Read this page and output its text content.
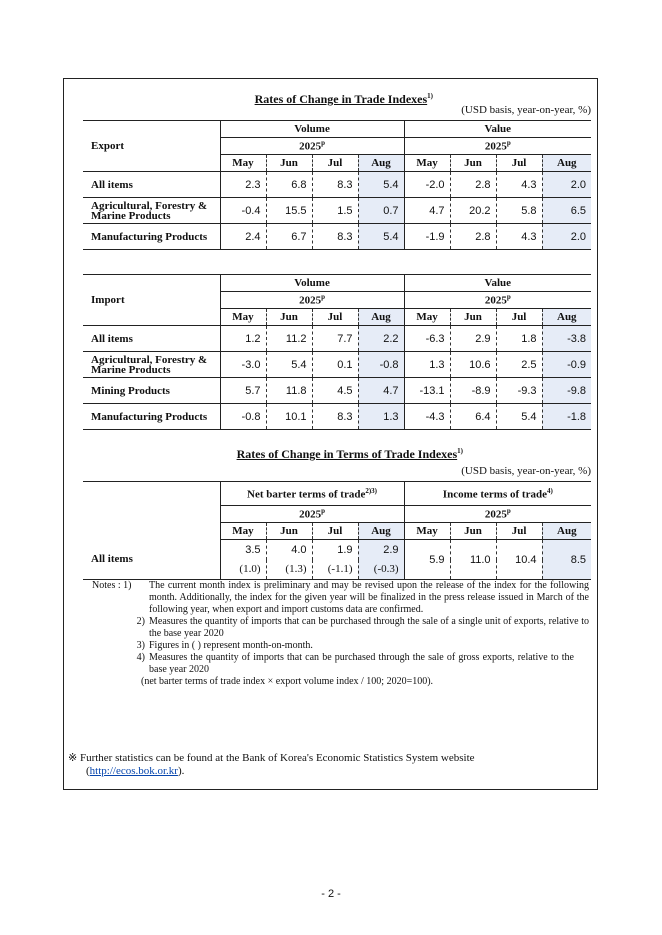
Rates of Change in Trade Indexes$^{1)}$
(USD basis, year-on-year, %)
Export	Volume				Value			
	2025$^p$				2025$^p$
	May	Jun	Jul	Aug	May	Jun	Jul	Aug
All items	2.3	6.8	8.3	5.4	-2.0	2.8	4.3	2.0
Agricultural, Forestry & Marine Products	-0.4	15.5	1.5	0.7	4.7	20.2	5.8	6.5
Manufacturing Products	2.4	6.7	8.3	5.4	-1.9	2.8	4.3	2.0
Import	Volume				Value			
	2025$^p$				2025$^p$
	May	Jun	Jul	Aug	May	Jun	Jul	Aug
All items	1.2	11.2	7.7	2.2	-6.3	2.9	1.8	-3.8
Agricultural, Forestry & Marine Products	-3.0	5.4	0.1	-0.8	1.3	10.6	2.5	-0.9
Mining Products	5.7	11.8	4.5	4.7	-13.1	-8.9	-9.3	-9.8
Manufacturing Products	-0.8	10.1	8.3	1.3	-4.3	6.4	5.4	-1.8
Rates of Change in Terms of Trade Indexes$^{1)}$
(USD basis, year-on-year, %)
	Net barter terms of trade$^{2)3)}$				Income terms of trade$^{4)}$
	2025$^p$				2025$^p$
	May	Jun	Jul	Aug	May	Jun	Jul	Aug
All items	3.5	4.0	1.9	2.9	5.9	11.0	10.4	8.5
	(1.0)	(1.3)	(-1.1)	(-0.3)				
Notes : 1)	The current month index is preliminary and may be revised upon the release of the index for the following month. Additionally, the index for the given year will be finalized in the press release issued in March of the following year, when export and import customs data are confirmed.
2) Measures the quantity of imports that can be purchased through the sale of a single unit of exports, relative to the base year 2020
3) Figures in ( ) represent month-on-month.
4) Measures the quantity of imports that can be purchased through the sale of gross exports, relative to the base year 2020
(net barter terms of trade index × export volume index / 100; 2020=100).
※ Further statistics can be found at the Bank of Korea's Economic Statistics System website
(http://ecos.bok.or.kr).
- 2 -
